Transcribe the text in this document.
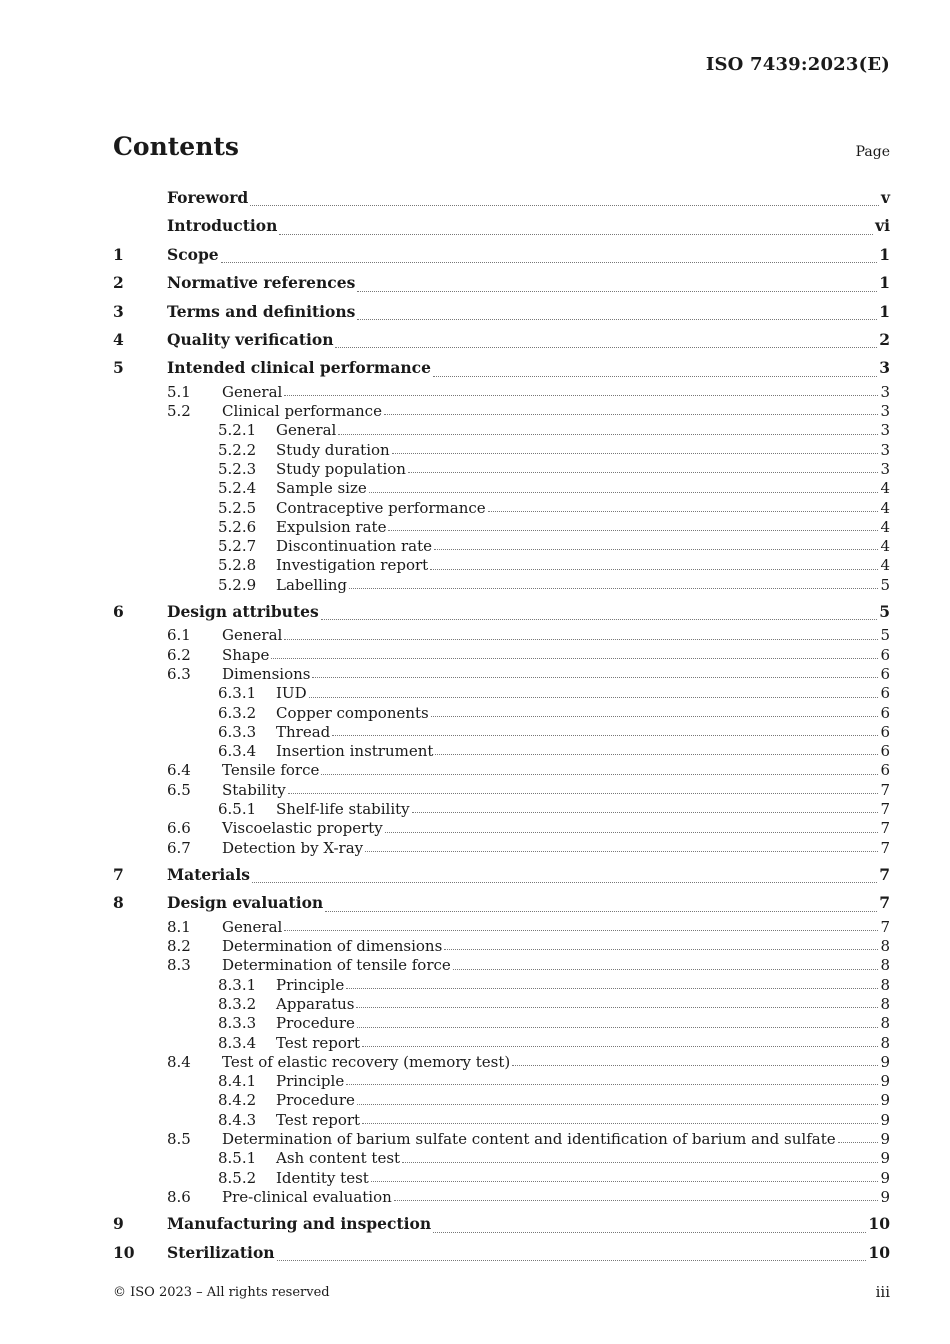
ISO 7439:2023(E)
Contents	Page
Foreword	v
Introduction	vi
1	Scope	1
2	Normative references	1
3	Terms and definitions	1
4	Quality verification	2
5	Intended clinical performance	3
5.1	General	3
5.2	Clinical performance	3
5.2.1	General	3
5.2.2	Study duration	3
5.2.3	Study population	3
5.2.4	Sample size	4
5.2.5	Contraceptive performance	4
5.2.6	Expulsion rate	4
5.2.7	Discontinuation rate	4
5.2.8	Investigation report	4
5.2.9	Labelling	5
6	Design attributes	5
6.1	General	5
6.2	Shape	6
6.3	Dimensions	6
6.3.1	IUD	6
6.3.2	Copper components	6
6.3.3	Thread	6
6.3.4	Insertion instrument	6
6.4	Tensile force	6
6.5	Stability	7
6.5.1	Shelf-life stability	7
6.6	Viscoelastic property	7
6.7	Detection by X-ray	7
7	Materials	7
8	Design evaluation	7
8.1	General	7
8.2	Determination of dimensions	8
8.3	Determination of tensile force	8
8.3.1	Principle	8
8.3.2	Apparatus	8
8.3.3	Procedure	8
8.3.4	Test report	8
8.4	Test of elastic recovery (memory test)	9
8.4.1	Principle	9
8.4.2	Procedure	9
8.4.3	Test report	9
8.5	Determination of barium sulfate content and identification of barium and sulfate	9
8.5.1	Ash content test	9
8.5.2	Identity test	9
8.6	Pre-clinical evaluation	9
9	Manufacturing and inspection	10
10	Sterilization	10
© ISO 2023 – All rights reserved	iii
